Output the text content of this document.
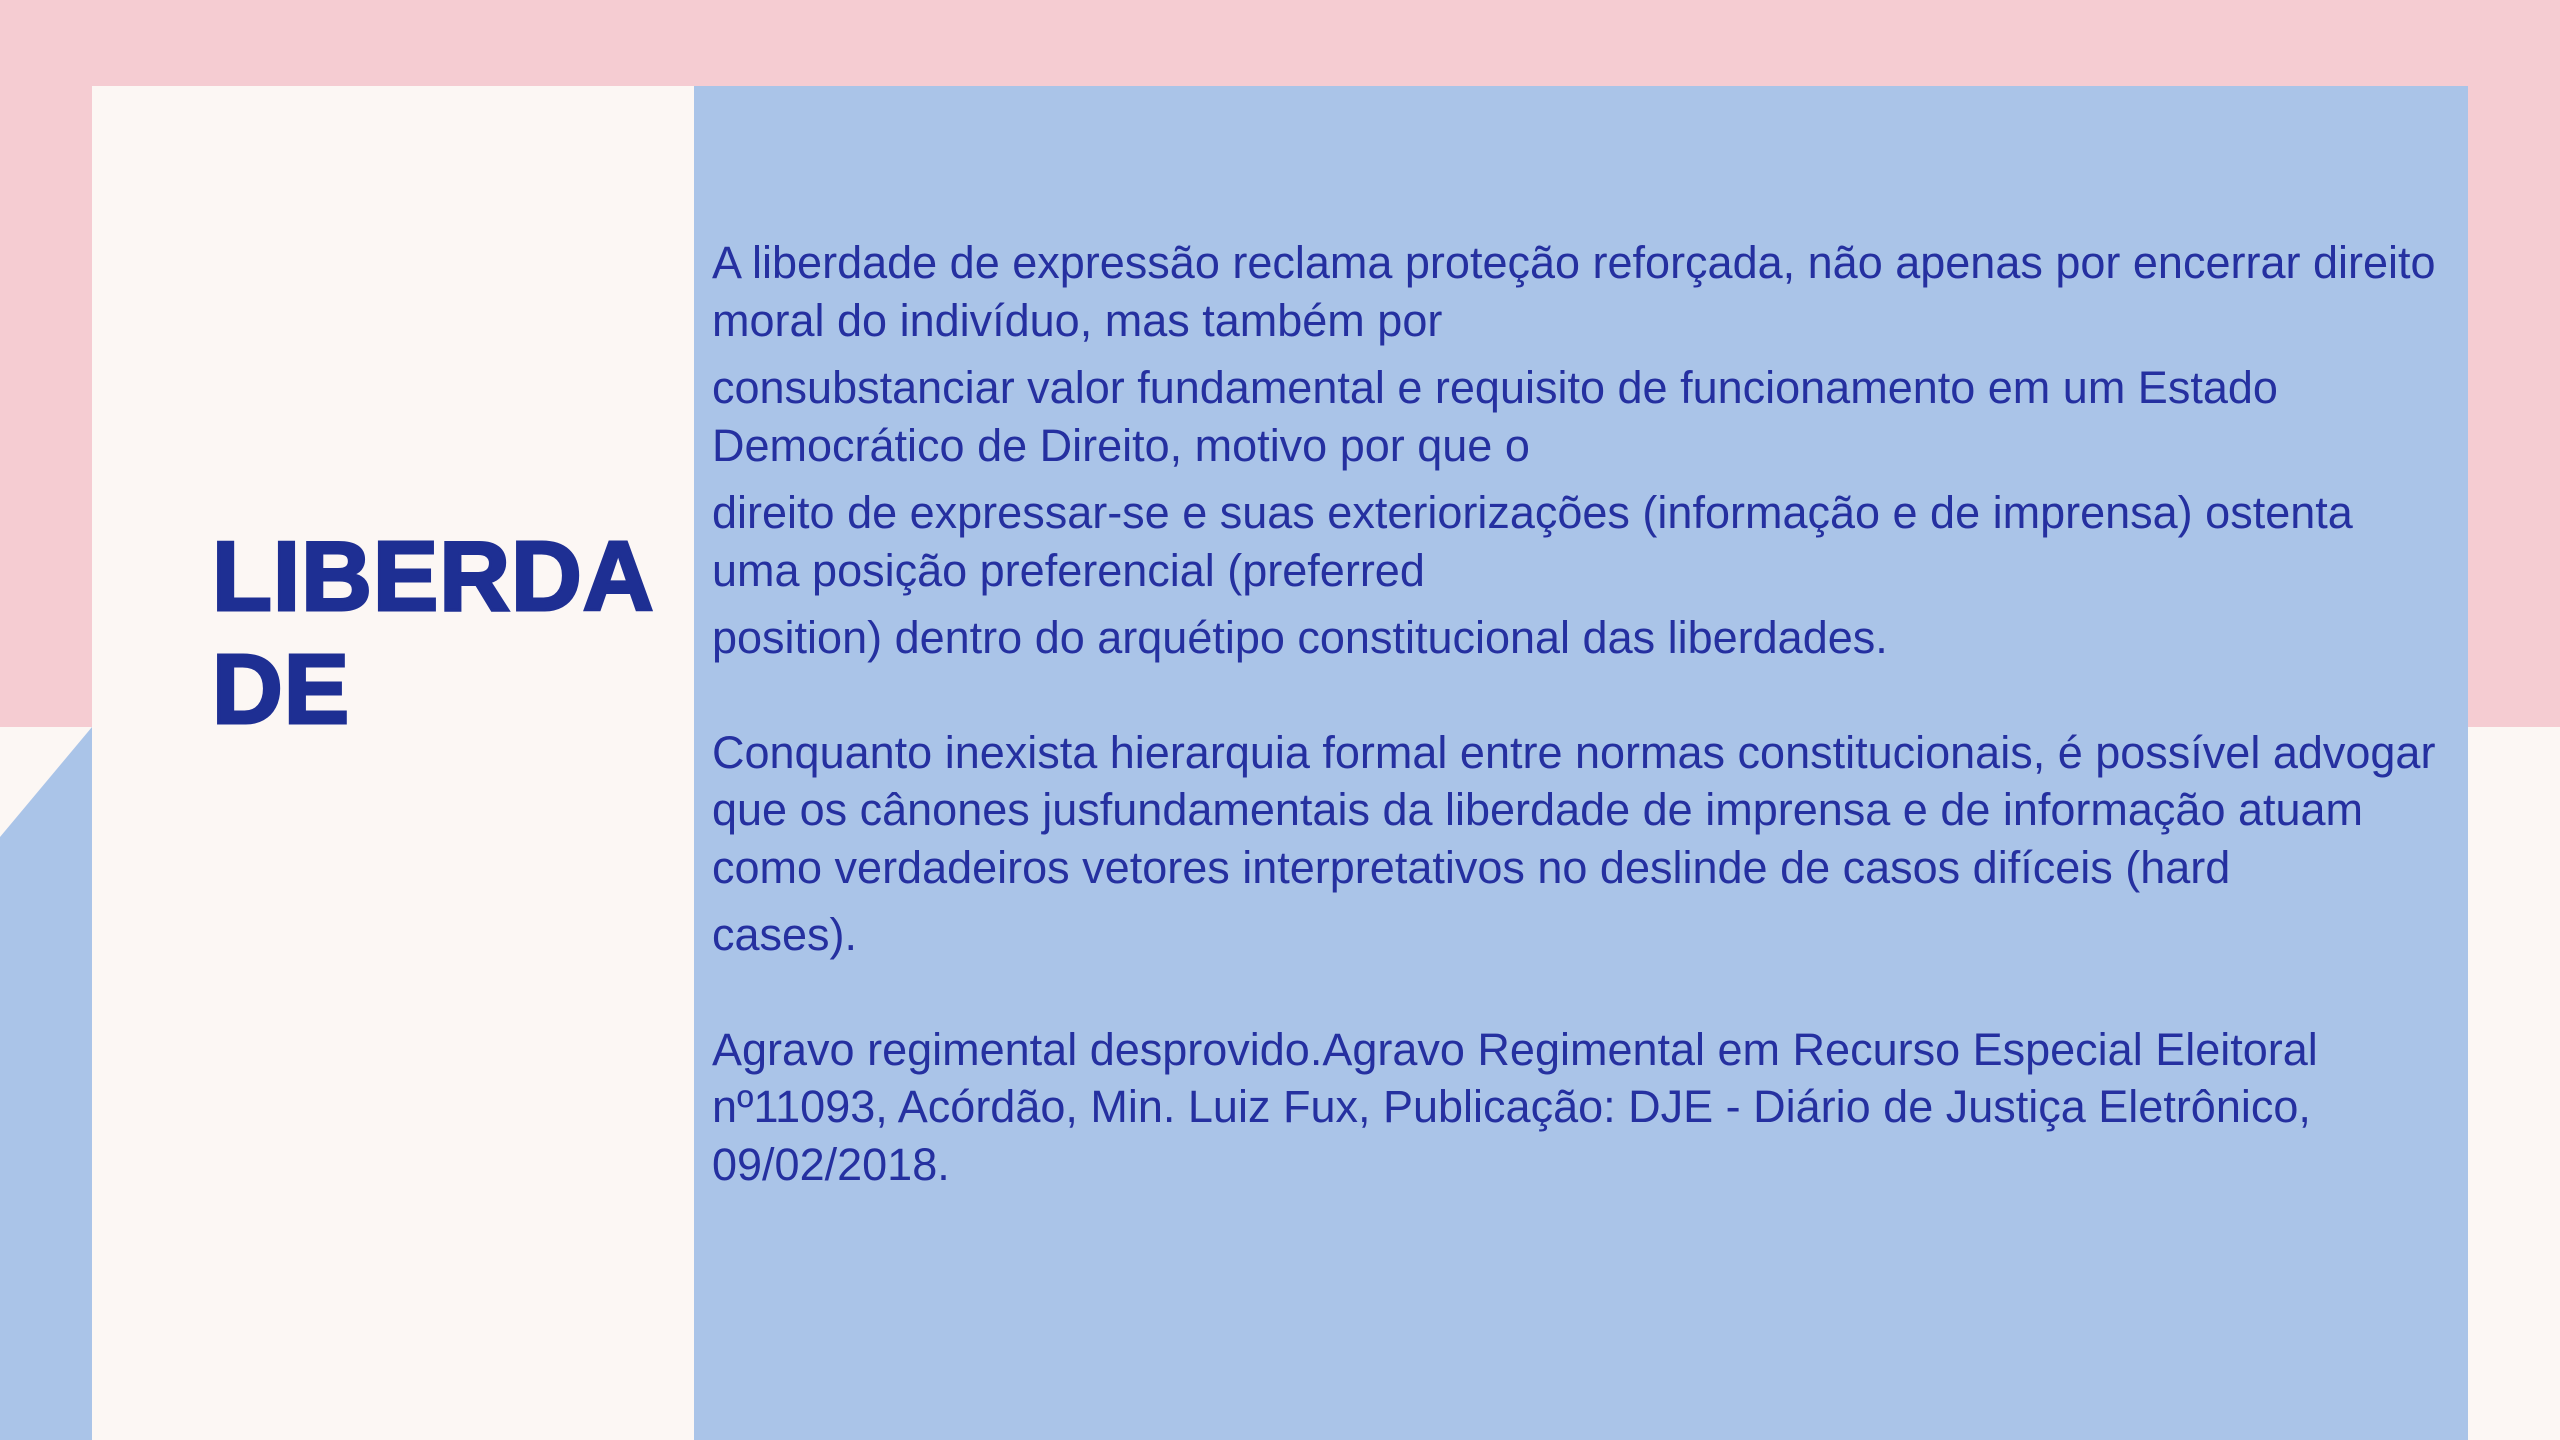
LIBERDADE

A liberdade de expressão reclama proteção reforçada, não apenas por encerrar direito moral do indivíduo, mas também por

consubstanciar valor fundamental e requisito de funcionamento em um Estado Democrático de Direito, motivo por que o

direito de expressar-se e suas exteriorizações (informação e de imprensa) ostenta uma posição preferencial (preferred

position) dentro do arquétipo constitucional das liberdades.

Conquanto inexista hierarquia formal entre normas constitucionais, é possível advogar que os cânones jusfundamentais da liberdade de imprensa e de informação atuam como verdadeiros vetores interpretativos no deslinde de casos difíceis (hard

cases).

Agravo regimental desprovido.Agravo Regimental em Recurso Especial Eleitoral nº11093, Acórdão, Min. Luiz Fux, Publicação: DJE - Diário de Justiça Eletrônico, 09/02/2018.
